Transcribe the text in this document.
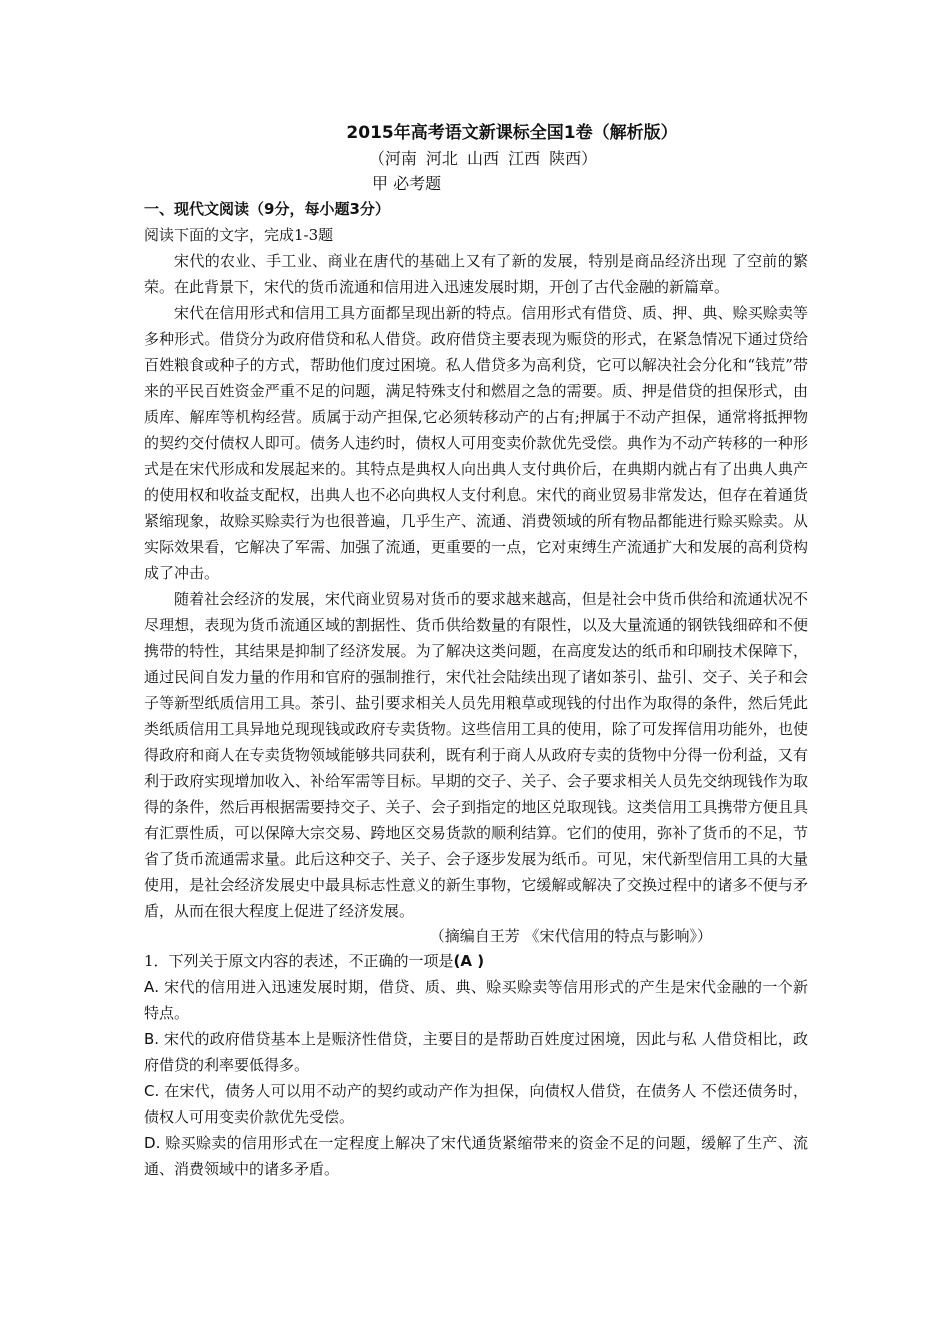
2015年高考语文新课标全国1卷（解析版）

（河南 河北 山西 江西 陕西）

甲 必考题

一、现代文阅读（9分，每小题3分）

阅读下面的文字，完成1-3题

宋代的农业、手工业、商业在唐代的基础上又有了新的发展，特别是商品经济出现 了空前的繁荣。在此背景下，宋代的货币流通和信用进入迅速发展时期，开创了古代金融的新篇章。

宋代在信用形式和信用工具方面都呈现出新的特点。信用形式有借贷、质、押、典、赊买赊卖等多种形式。借贷分为政府借贷和私人借贷。政府借贷主要表现为赈贷的形式，在紧急情况下通过贷给百姓粮食或种子的方式，帮助他们度过困境。私人借贷多为高利贷，它可以解决社会分化和“钱荒”带来的平民百姓资金严重不足的问题，满足特殊支付和燃眉之急的需要。质、押是借贷的担保形式，由质库、解库等机构经营。质属于动产担保,它必须转移动产的占有;押属于不动产担保，通常将抵押物的契约交付债权人即可。债务人违约时，债权人可用变卖价款优先受偿。典作为不动产转移的一种形式是在宋代形成和发展起来的。其特点是典权人向出典人支付典价后，在典期内就占有了出典人典产的使用权和收益支配权，出典人也不必向典权人支付利息。宋代的商业贸易非常发达，但存在着通货紧缩现象，故赊买赊卖行为也很普遍，几乎生产、流通、消费领域的所有物品都能进行赊买赊卖。从实际效果看，它解决了军需、加强了流通，更重要的一点，它对束缚生产流通扩大和发展的高利贷构成了冲击。

随着社会经济的发展，宋代商业贸易对货币的要求越来越高，但是社会中货币供给和流通状况不尽理想，表现为货币流通区域的割据性、货币供给数量的有限性，以及大量流通的钢铁钱细碎和不便携带的特性，其结果是抑制了经济发展。为了解决这类问题，在高度发达的纸币和印刷技术保障下，通过民间自发力量的作用和官府的强制推行，宋代社会陆续出现了诸如茶引、盐引、交子、关子和会子等新型纸质信用工具。茶引、盐引要求相关人员先用粮草或现钱的付出作为取得的条件，然后凭此类纸质信用工具异地兑现现钱或政府专卖货物。这些信用工具的使用，除了可发挥信用功能外，也使得政府和商人在专卖货物领域能够共同获利，既有利于商人从政府专卖的货物中分得一份利益，又有利于政府实现增加收入、补给军需等目标。早期的交子、关子、会子要求相关人员先交纳现钱作为取得的条件，然后再根据需要持交子、关子、会子到指定的地区兑取现钱。这类信用工具携带方便且具有汇票性质，可以保障大宗交易、跨地区交易货款的顺利结算。它们的使用，弥补了货币的不足，节省了货币流通需求量。此后这种交子、关子、会子逐步发展为纸币。可见，宋代新型信用工具的大量使用，是社会经济发展史中最具标志性意义的新生事物，它缓解或解决了交换过程中的诸多不便与矛盾，从而在很大程度上促进了经济发展。

（摘编自王芳 《宋代信用的特点与影响》）

1．下列关于原文内容的表述，不正确的一项是(A )

A. 宋代的信用进入迅速发展时期，借贷、质、典、赊买赊卖等信用形式的产生是宋代金融的一个新特点。

B. 宋代的政府借贷基本上是赈济性借贷，主要目的是帮助百姓度过困境，因此与私 人借贷相比，政府借贷的利率要低得多。

C. 在宋代，债务人可以用不动产的契约或动产作为担保，向债权人借贷，在债务人 不偿还债务时，债权人可用变卖价款优先受偿。

D. 赊买赊卖的信用形式在一定程度上解决了宋代通货紧缩带来的资金不足的问题，缓解了生产、流通、消费领域中的诸多矛盾。
